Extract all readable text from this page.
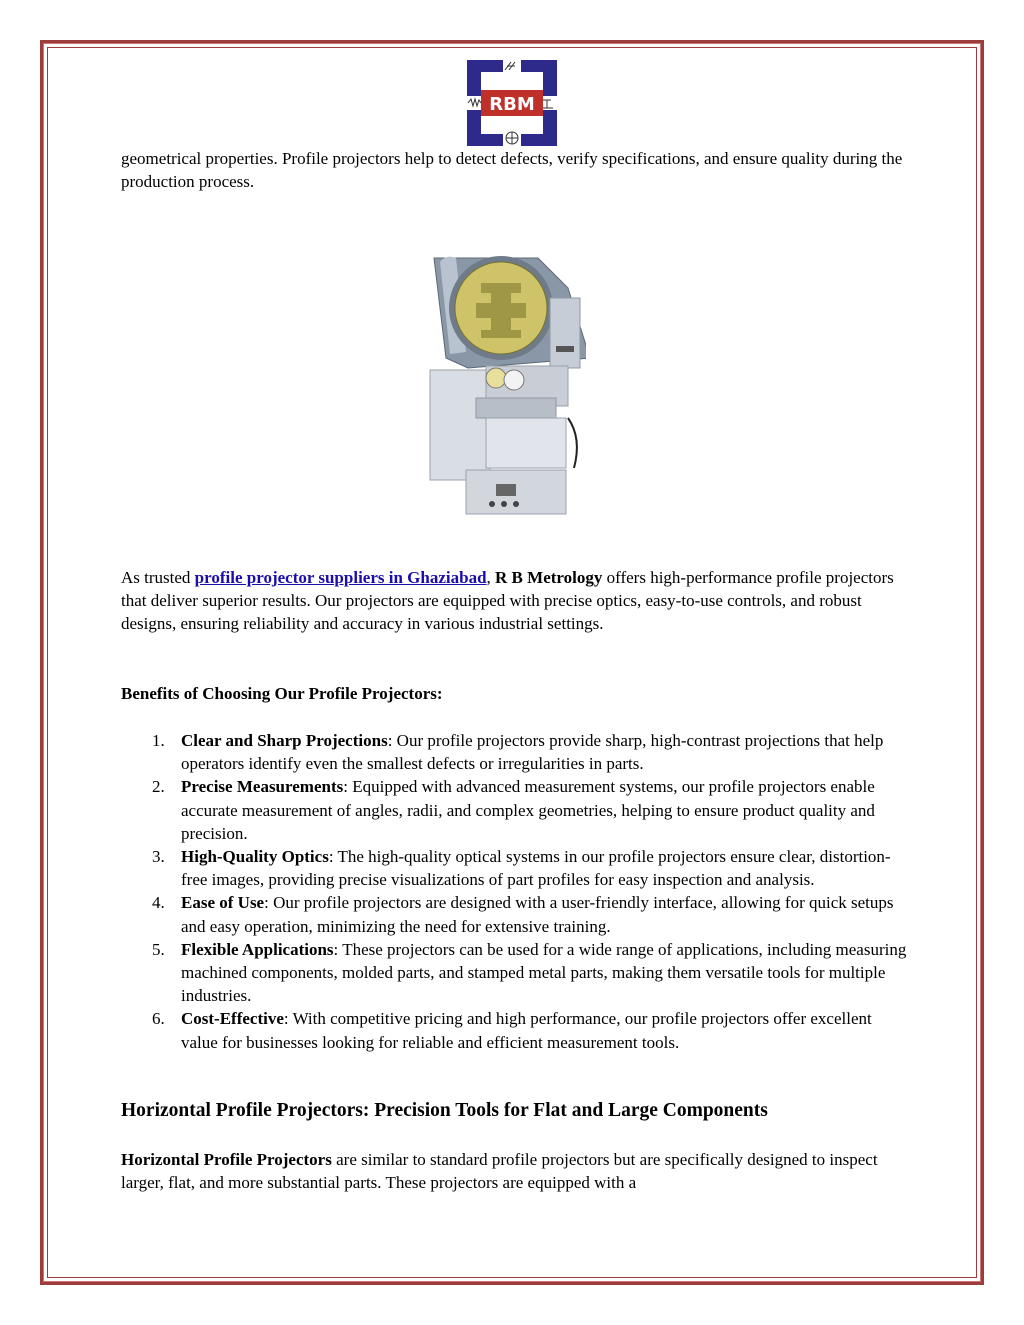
RBM

geometrical properties. Profile projectors help to detect defects, verify specifications, and ensure quality during the production process.

As trusted profile projector suppliers in Ghaziabad, R B Metrology offers high-performance profile projectors that deliver superior results. Our projectors are equipped with precise optics, easy-to-use controls, and robust designs, ensuring reliability and accuracy in various industrial settings.

Benefits of Choosing Our Profile Projectors:

1. Clear and Sharp Projections: Our profile projectors provide sharp, high-contrast projections that help operators identify even the smallest defects or irregularities in parts.
2. Precise Measurements: Equipped with advanced measurement systems, our profile projectors enable accurate measurement of angles, radii, and complex geometries, helping to ensure product quality and precision.
3. High-Quality Optics: The high-quality optical systems in our profile projectors ensure clear, distortion-free images, providing precise visualizations of part profiles for easy inspection and analysis.
4. Ease of Use: Our profile projectors are designed with a user-friendly interface, allowing for quick setups and easy operation, minimizing the need for extensive training.
5. Flexible Applications: These projectors can be used for a wide range of applications, including measuring machined components, molded parts, and stamped metal parts, making them versatile tools for multiple industries.
6. Cost-Effective: With competitive pricing and high performance, our profile projectors offer excellent value for businesses looking for reliable and efficient measurement tools.

Horizontal Profile Projectors: Precision Tools for Flat and Large Components

Horizontal Profile Projectors are similar to standard profile projectors but are specifically designed to inspect larger, flat, and more substantial parts. These projectors are equipped with a
